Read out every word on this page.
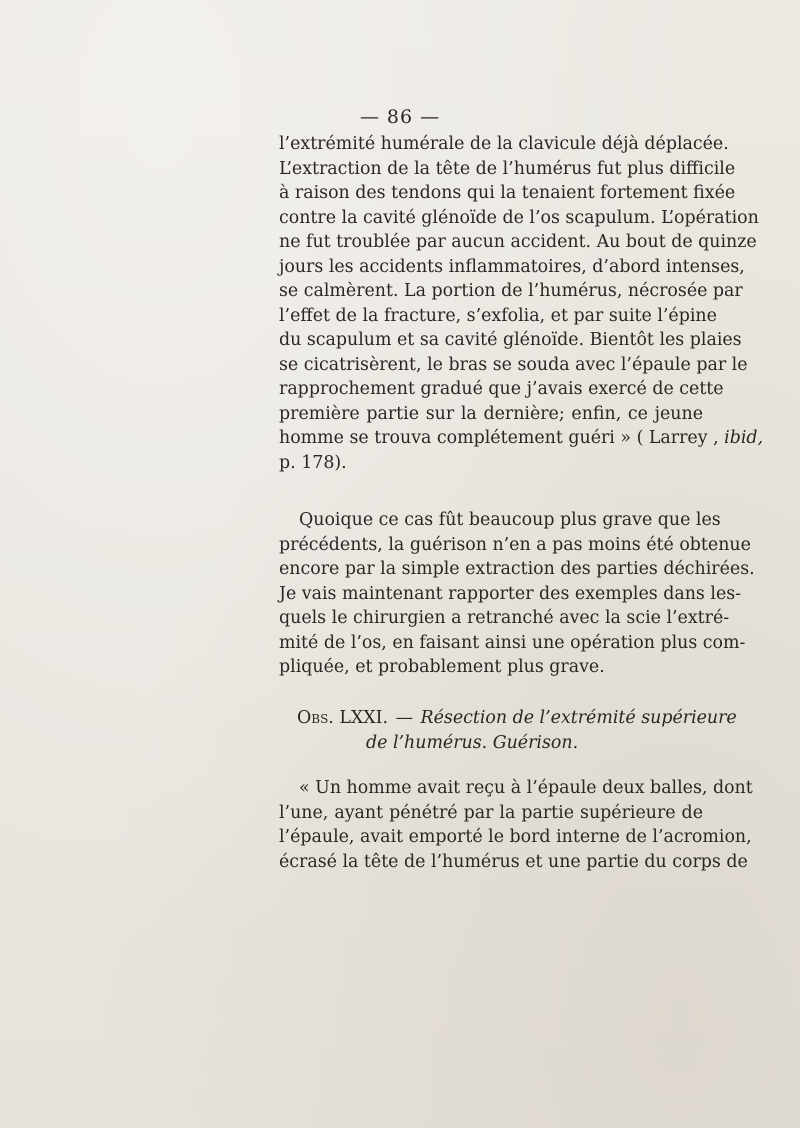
— 86 —
l’extrémité humérale de la clavicule déjà déplacée.
L’extraction de la tête de l’humérus fut plus difficile
à raison des tendons qui la tenaient fortement fixée
contre la cavité glénoïde de l’os scapulum. L’opération
ne fut troublée par aucun accident. Au bout de quinze
jours les accidents inflammatoires, d’abord intenses,
se calmèrent. La portion de l’humérus, nécrosée par
l’effet de la fracture, s’exfolia, et par suite l’épine
du scapulum et sa cavité glénoïde. Bientôt les plaies
se cicatrisèrent, le bras se souda avec l’épaule par le
rapprochement gradué que j’avais exercé de cette
première partie sur la dernière; enfin, ce jeune
homme se trouva complétement guéri » ( Larrey , ibid,
p. 178).
Quoique ce cas fût beaucoup plus grave que les
précédents, la guérison n’en a pas moins été obtenue
encore par la simple extraction des parties déchirées.
Je vais maintenant rapporter des exemples dans les-
quels le chirurgien a retranché avec la scie l’extré-
mité de l’os, en faisant ainsi une opération plus com-
pliquée, et probablement plus grave.
Obs. LXXI. — Résection de l’extrémité supérieure
de l’humérus. Guérison.
« Un homme avait reçu à l’épaule deux balles, dont
l’une, ayant pénétré par la partie supérieure de
l’épaule, avait emporté le bord interne de l’acromion,
écrasé la tête de l’humérus et une partie du corps de
